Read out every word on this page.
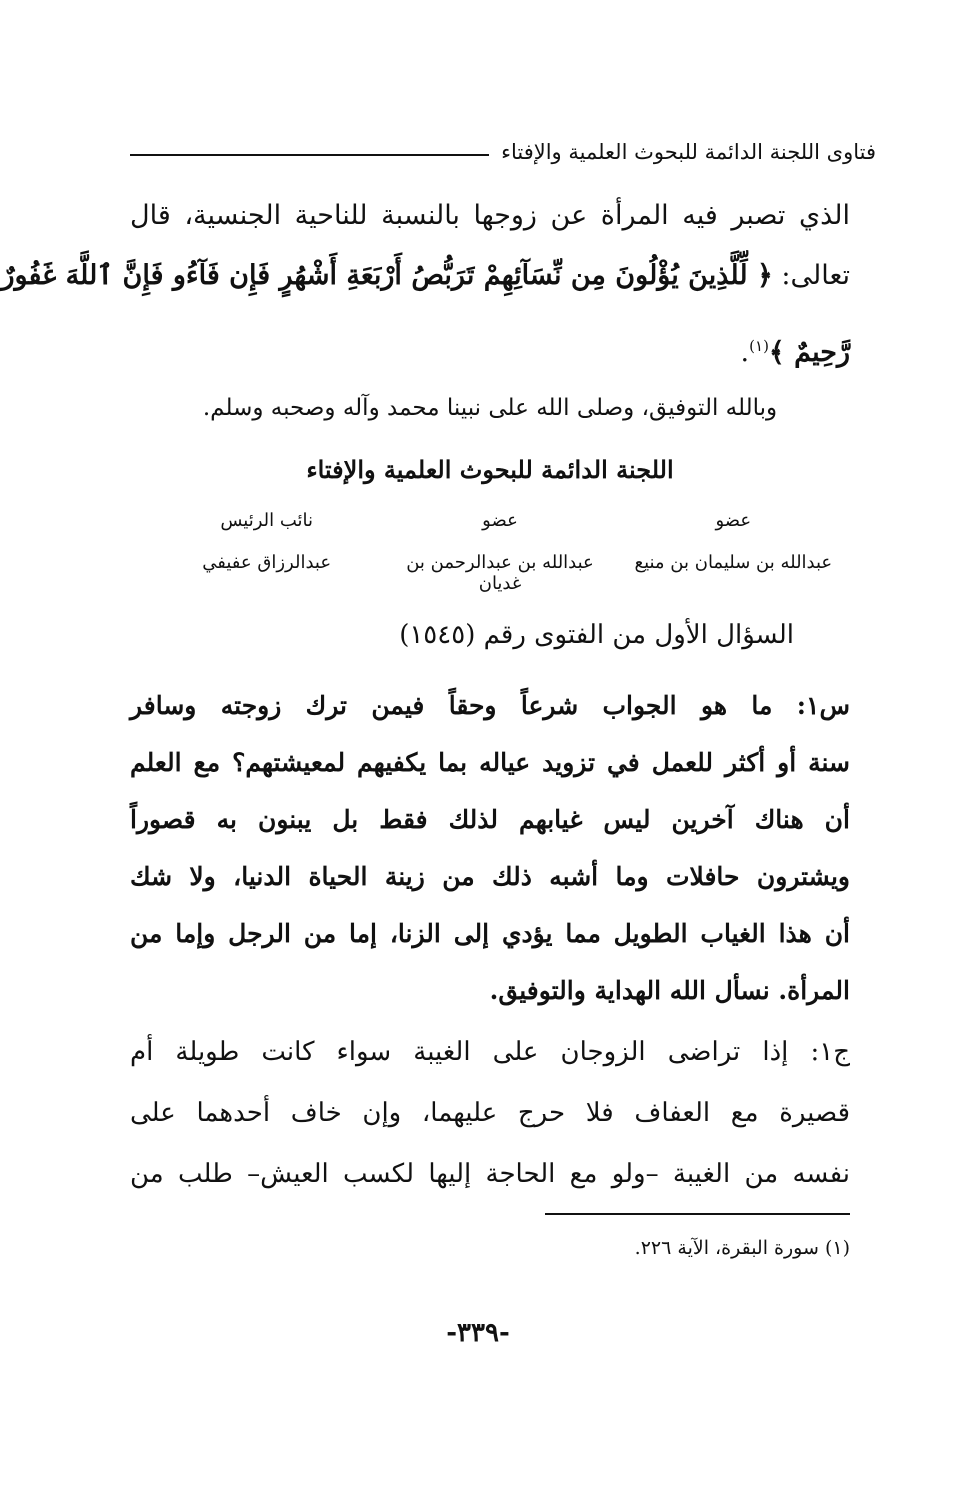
فتاوى اللجنة الدائمة للبحوث العلمية والإفتاء
الذي تصبر فيه المرأة عن زوجها بالنسبة للناحية الجنسية، قال
تعالى: ﴿ لِّلَّذِينَ يُؤْلُونَ مِن نِّسَآئِهِمْ تَرَبُّصُ أَرْبَعَةِ أَشْهُرٍ فَإِن فَآءُو فَإِنَّ ٱللَّهَ غَفُورٌ
رَّحِيمٌ ﴾$^{(١)}$.
وبالله التوفيق، وصلى الله على نبينا محمد وآله وصحبه وسلم.
اللجنة الدائمة للبحوث العلمية والإفتاء
عضو
عضو
نائب الرئيس
عبدالله بن سليمان بن منيع
عبدالله بن عبدالرحمن بن غديان
عبدالرزاق عفيفي
السؤال الأول من الفتوى رقم (١٥٤٥)
س١: ما هو الجواب شرعاً وحقاً فيمن ترك زوجته وسافر
سنة أو أكثر للعمل في تزويد عياله بما يكفيهم لمعيشتهم؟ مع العلم
أن هناك آخرين ليس غيابهم لذلك فقط بل يبنون به قصوراً
ويشترون حافلات وما أشبه ذلك من زينة الحياة الدنيا، ولا شك
أن هذا الغياب الطويل مما يؤدي إلى الزنا، إما من الرجل وإما من
المرأة. نسأل الله الهداية والتوفيق.
ج١: إذا تراضى الزوجان على الغيبة سواء كانت طويلة أم
قصيرة مع العفاف فلا حرج عليهما، وإن خاف أحدهما على
نفسه من الغيبة –ولو مع الحاجة إليها لكسب العيش– طلب من
(١) سورة البقرة، الآية ٢٢٦.
-٣٣٩-
